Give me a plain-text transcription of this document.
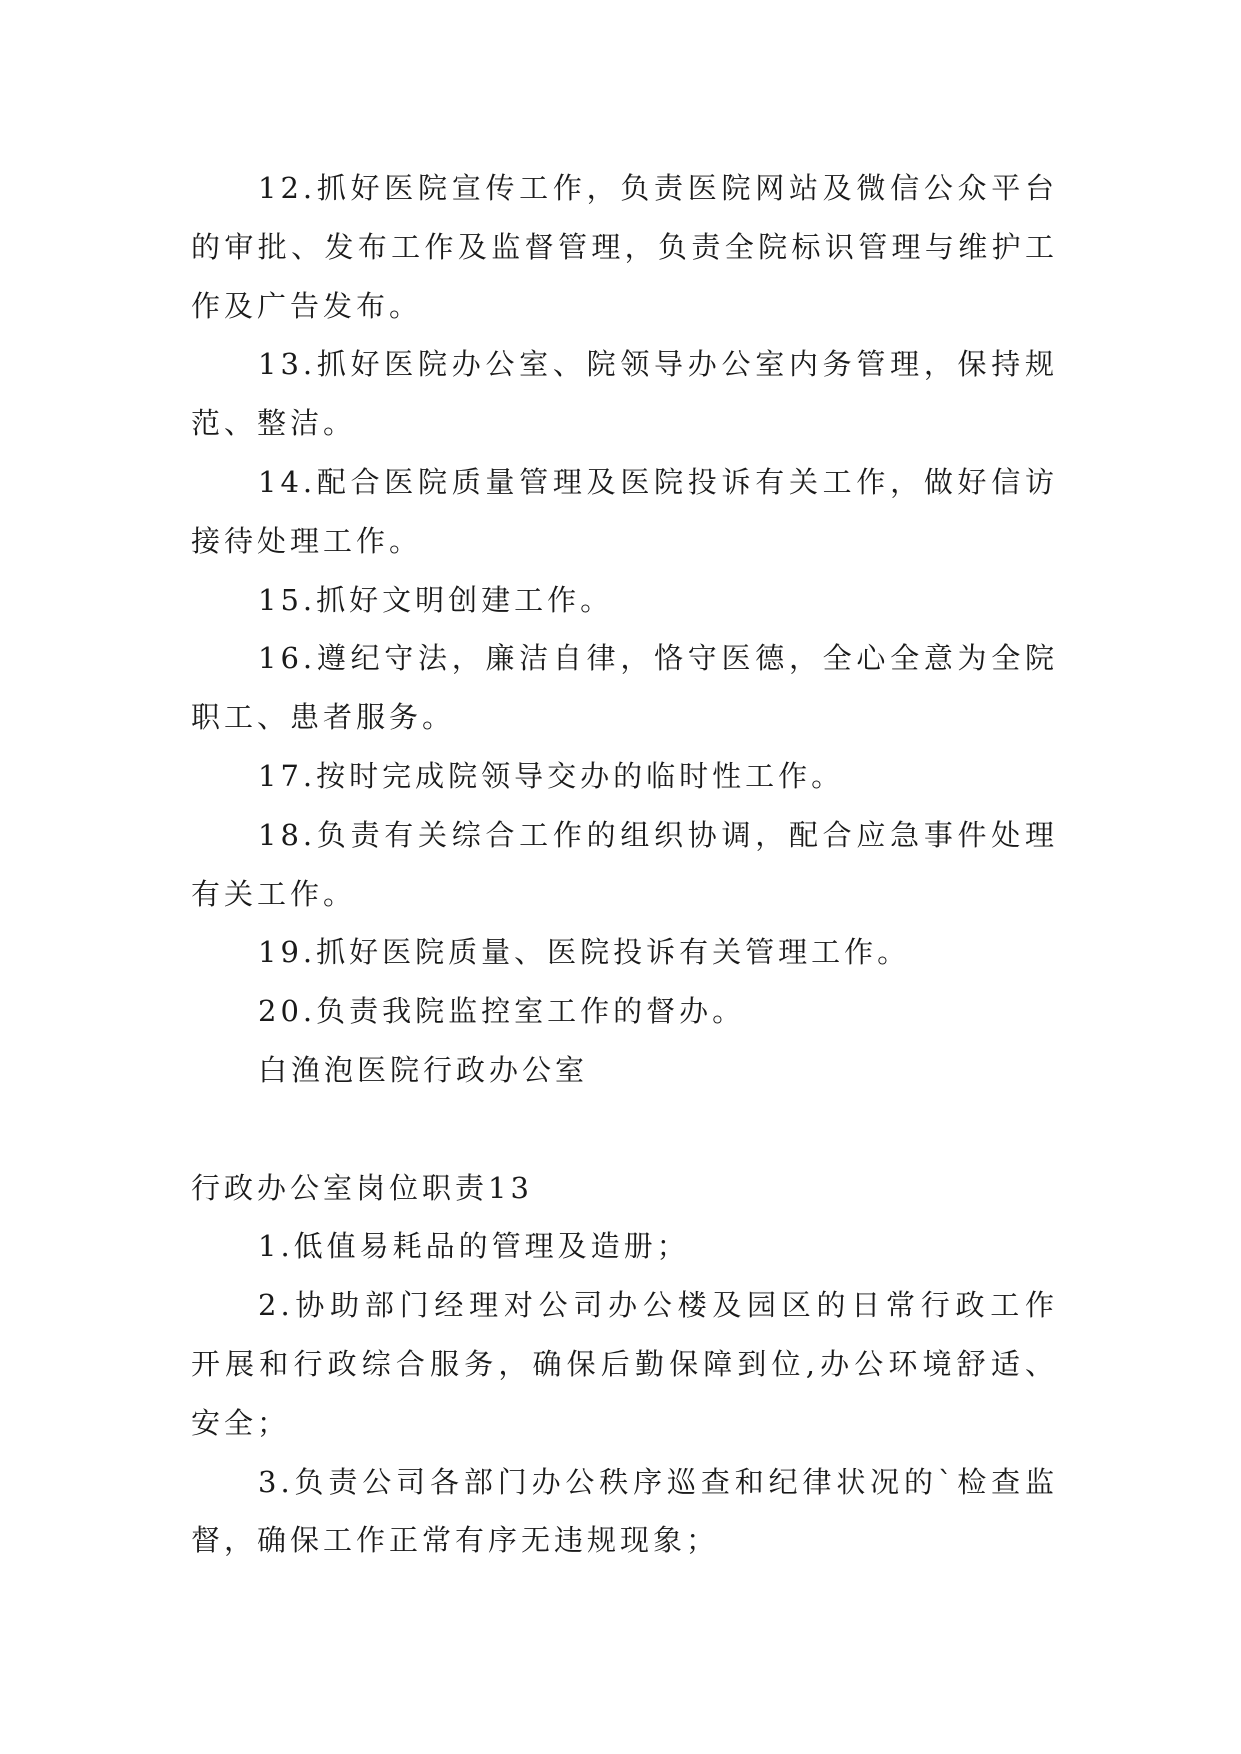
12.抓好医院宣传工作，负责医院网站及微信公众平台
的审批、发布工作及监督管理，负责全院标识管理与维护工
作及广告发布。
13.抓好医院办公室、院领导办公室内务管理，保持规
范、整洁。
14.配合医院质量管理及医院投诉有关工作，做好信访
接待处理工作。
15.抓好文明创建工作。
16.遵纪守法，廉洁自律，恪守医德，全心全意为全院
职工、患者服务。
17.按时完成院领导交办的临时性工作。
18.负责有关综合工作的组织协调，配合应急事件处理
有关工作。
19.抓好医院质量、医院投诉有关管理工作。
20.负责我院监控室工作的督办。
白渔泡医院行政办公室
行政办公室岗位职责13
1.低值易耗品的管理及造册；
2.协助部门经理对公司办公楼及园区的日常行政工作
开展和行政综合服务，确保后勤保障到位,办公环境舒适、
安全；
3.负责公司各部门办公秩序巡查和纪律状况的`检查监
督，确保工作正常有序无违规现象；
